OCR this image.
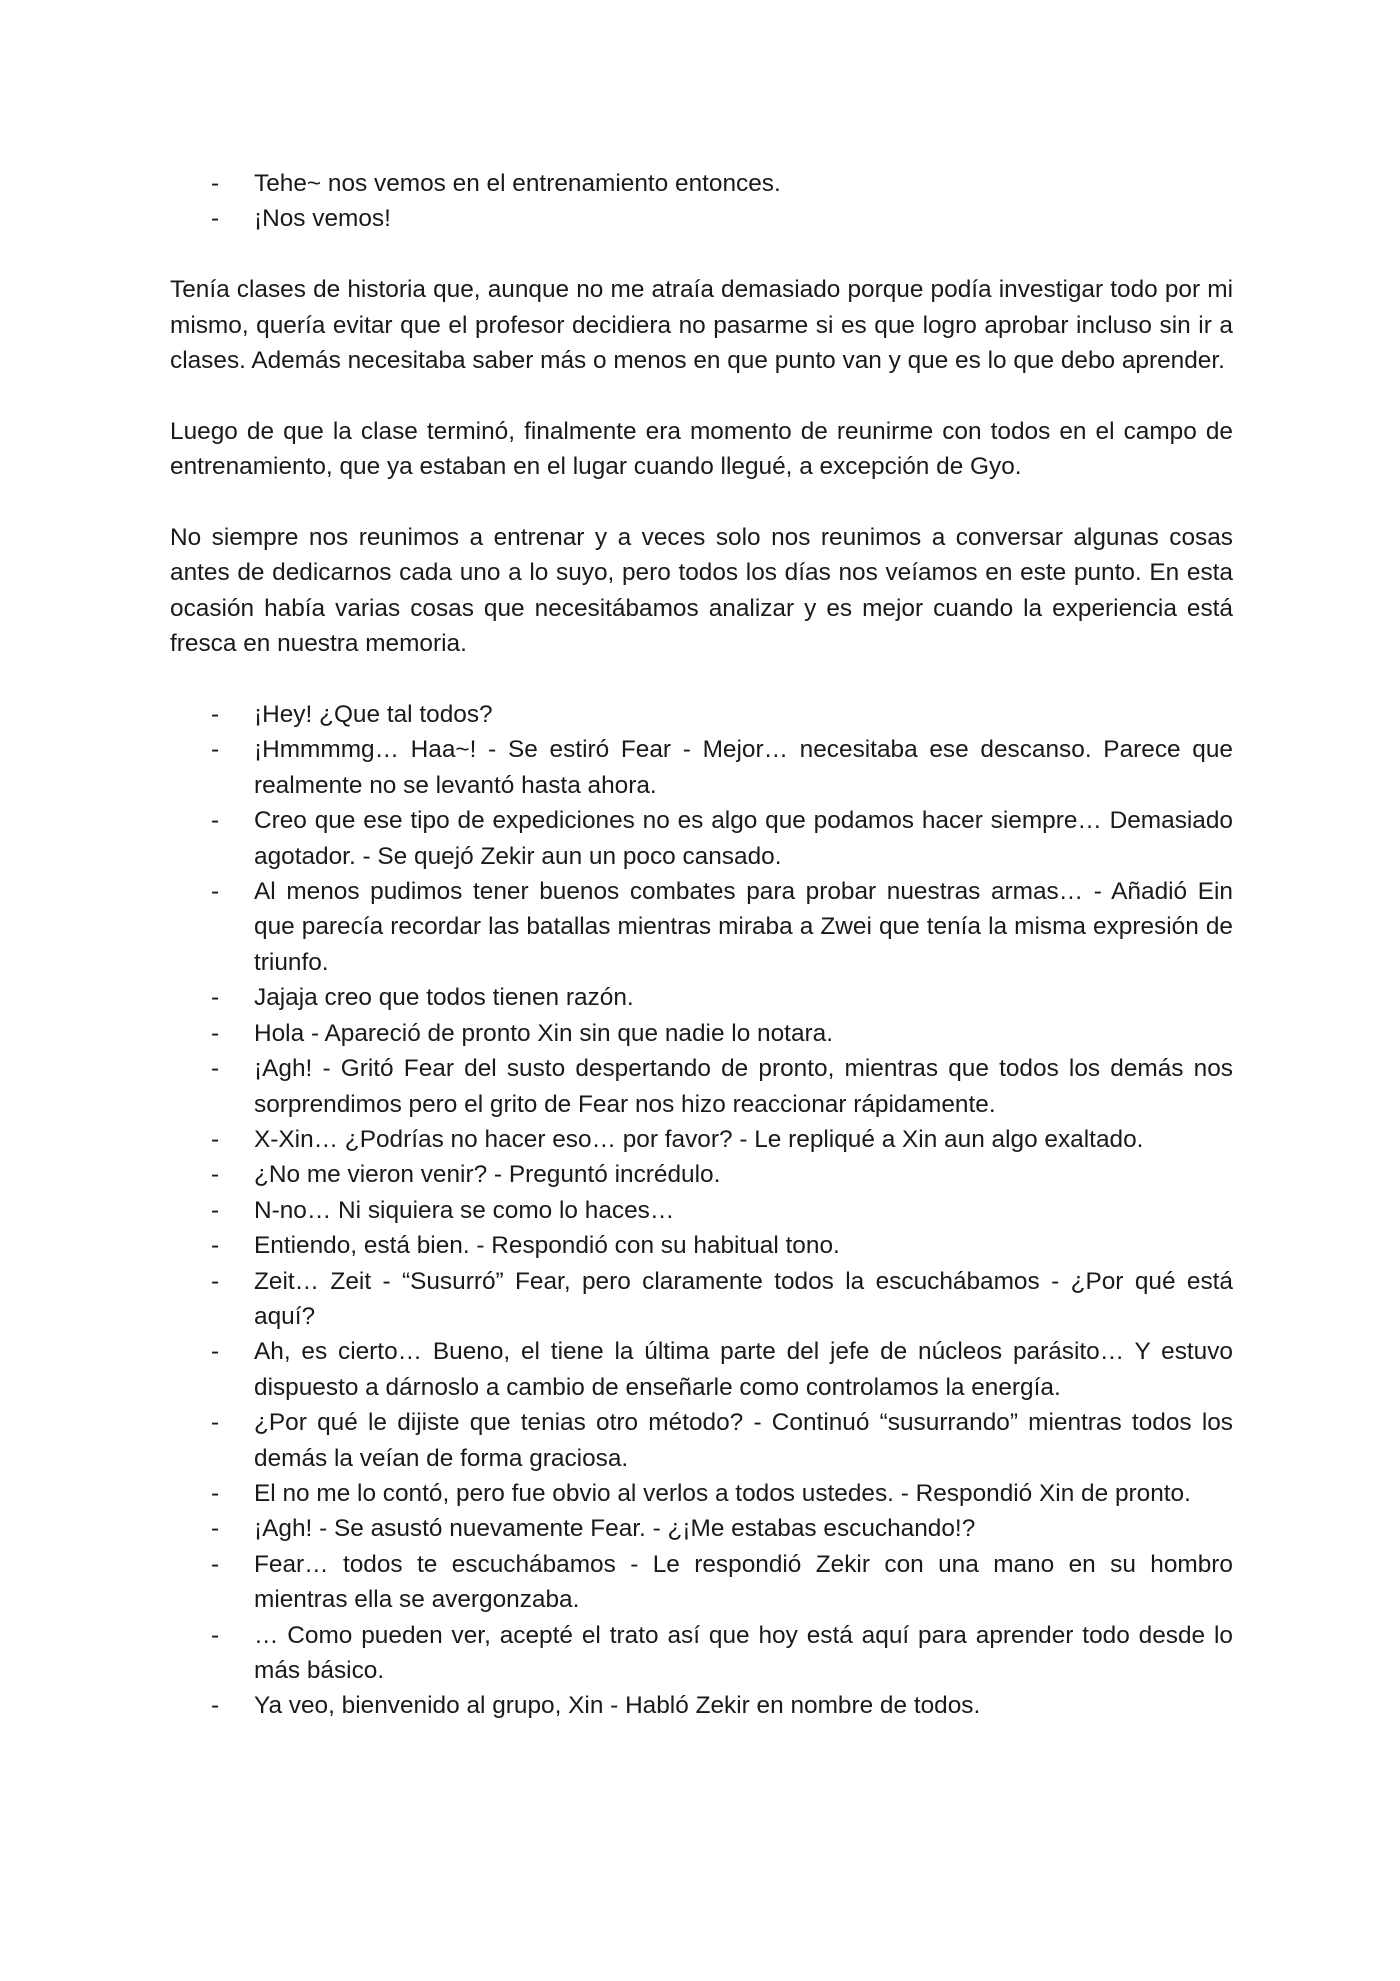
- Tehe~ nos vemos en el entrenamiento entonces.
- ¡Nos vemos!

Tenía clases de historia que, aunque no me atraía demasiado porque podía investigar todo por mi mismo, quería evitar que el profesor decidiera no pasarme si es que logro aprobar incluso sin ir a clases. Además necesitaba saber más o menos en que punto van y que es lo que debo aprender.

Luego de que la clase terminó, finalmente era momento de reunirme con todos en el campo de entrenamiento, que ya estaban en el lugar cuando llegué, a excepción de Gyo.

No siempre nos reunimos a entrenar y a veces solo nos reunimos a conversar algunas cosas antes de dedicarnos cada uno a lo suyo, pero todos los días nos veíamos en este punto. En esta ocasión había varias cosas que necesitábamos analizar y es mejor cuando la experiencia está fresca en nuestra memoria.

- ¡Hey! ¿Que tal todos?
- ¡Hmmmmg… Haa~! - Se estiró Fear - Mejor… necesitaba ese descanso. Parece que realmente no se levantó hasta ahora.
- Creo que ese tipo de expediciones no es algo que podamos hacer siempre… Demasiado agotador. - Se quejó Zekir aun un poco cansado.
- Al menos pudimos tener buenos combates para probar nuestras armas… - Añadió Ein que parecía recordar las batallas mientras miraba a Zwei que tenía la misma expresión de triunfo.
- Jajaja creo que todos tienen razón.
- Hola - Apareció de pronto Xin sin que nadie lo notara.
- ¡Agh! - Gritó Fear del susto despertando de pronto, mientras que todos los demás nos sorprendimos pero el grito de Fear nos hizo reaccionar rápidamente.
- X-Xin… ¿Podrías no hacer eso… por favor? - Le repliqué a Xin aun algo exaltado.
- ¿No me vieron venir? - Preguntó incrédulo.
- N-no… Ni siquiera se como lo haces…
- Entiendo, está bien. - Respondió con su habitual tono.
- Zeit… Zeit - “Susurró” Fear, pero claramente todos la escuchábamos - ¿Por qué está aquí?
- Ah, es cierto… Bueno, el tiene la última parte del jefe de núcleos parásito… Y estuvo dispuesto a dárnoslo a cambio de enseñarle como controlamos la energía.
- ¿Por qué le dijiste que tenias otro método? - Continuó “susurrando” mientras todos los demás la veían de forma graciosa.
- El no me lo contó, pero fue obvio al verlos a todos ustedes. - Respondió Xin de pronto.
- ¡Agh! - Se asustó nuevamente Fear. - ¿¡Me estabas escuchando!?
- Fear… todos te escuchábamos - Le respondió Zekir con una mano en su hombro mientras ella se avergonzaba.
- … Como pueden ver, acepté el trato así que hoy está aquí para aprender todo desde lo más básico.
- Ya veo, bienvenido al grupo, Xin - Habló Zekir en nombre de todos.
